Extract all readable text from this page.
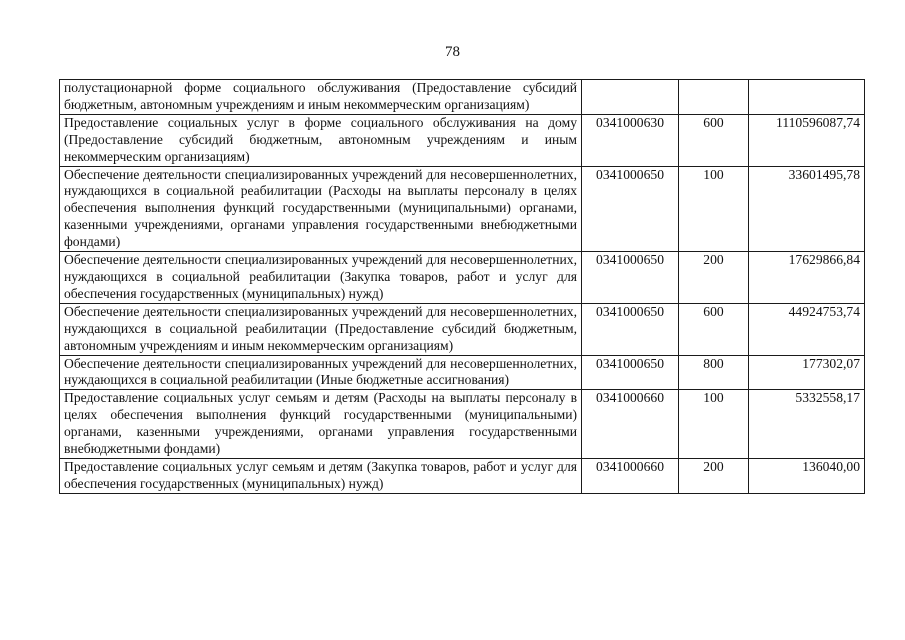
78
полустационарной форме социального обслуживания (Предоставление субсидий бюджетным, автономным учреждениям и иным некоммерческим организациям)			
Предоставление социальных услуг в форме социального обслуживания на дому (Предоставление субсидий бюджетным, автономным учреждениям и иным некоммерческим организациям)	0341000630	600	1110596087,74
Обеспечение деятельности специализированных учреждений для несовершеннолетних, нуждающихся в социальной реабилитации (Расходы на выплаты персоналу в целях обеспечения выполнения функций государственными (муниципальными) органами, казенными учреждениями, органами управления государственными внебюджетными фондами)	0341000650	100	33601495,78
Обеспечение деятельности специализированных учреждений для несовершеннолетних, нуждающихся в социальной реабилитации (Закупка товаров, работ и услуг для обеспечения государственных (муниципальных) нужд)	0341000650	200	17629866,84
Обеспечение деятельности специализированных учреждений для несовершеннолетних, нуждающихся в социальной реабилитации (Предоставление субсидий бюджетным, автономным учреждениям и иным некоммерческим организациям)	0341000650	600	44924753,74
Обеспечение деятельности специализированных учреждений для несовершеннолетних, нуждающихся в социальной реабилитации (Иные бюджетные ассигнования)	0341000650	800	177302,07
Предоставление социальных услуг семьям и детям (Расходы на выплаты персоналу в целях обеспечения выполнения функций государственными (муниципальными) органами, казенными учреждениями, органами управления государственными внебюджетными фондами)	0341000660	100	5332558,17
Предоставление социальных услуг семьям и детям (Закупка товаров, работ и услуг для обеспечения государственных (муниципальных) нужд)	0341000660	200	136040,00
